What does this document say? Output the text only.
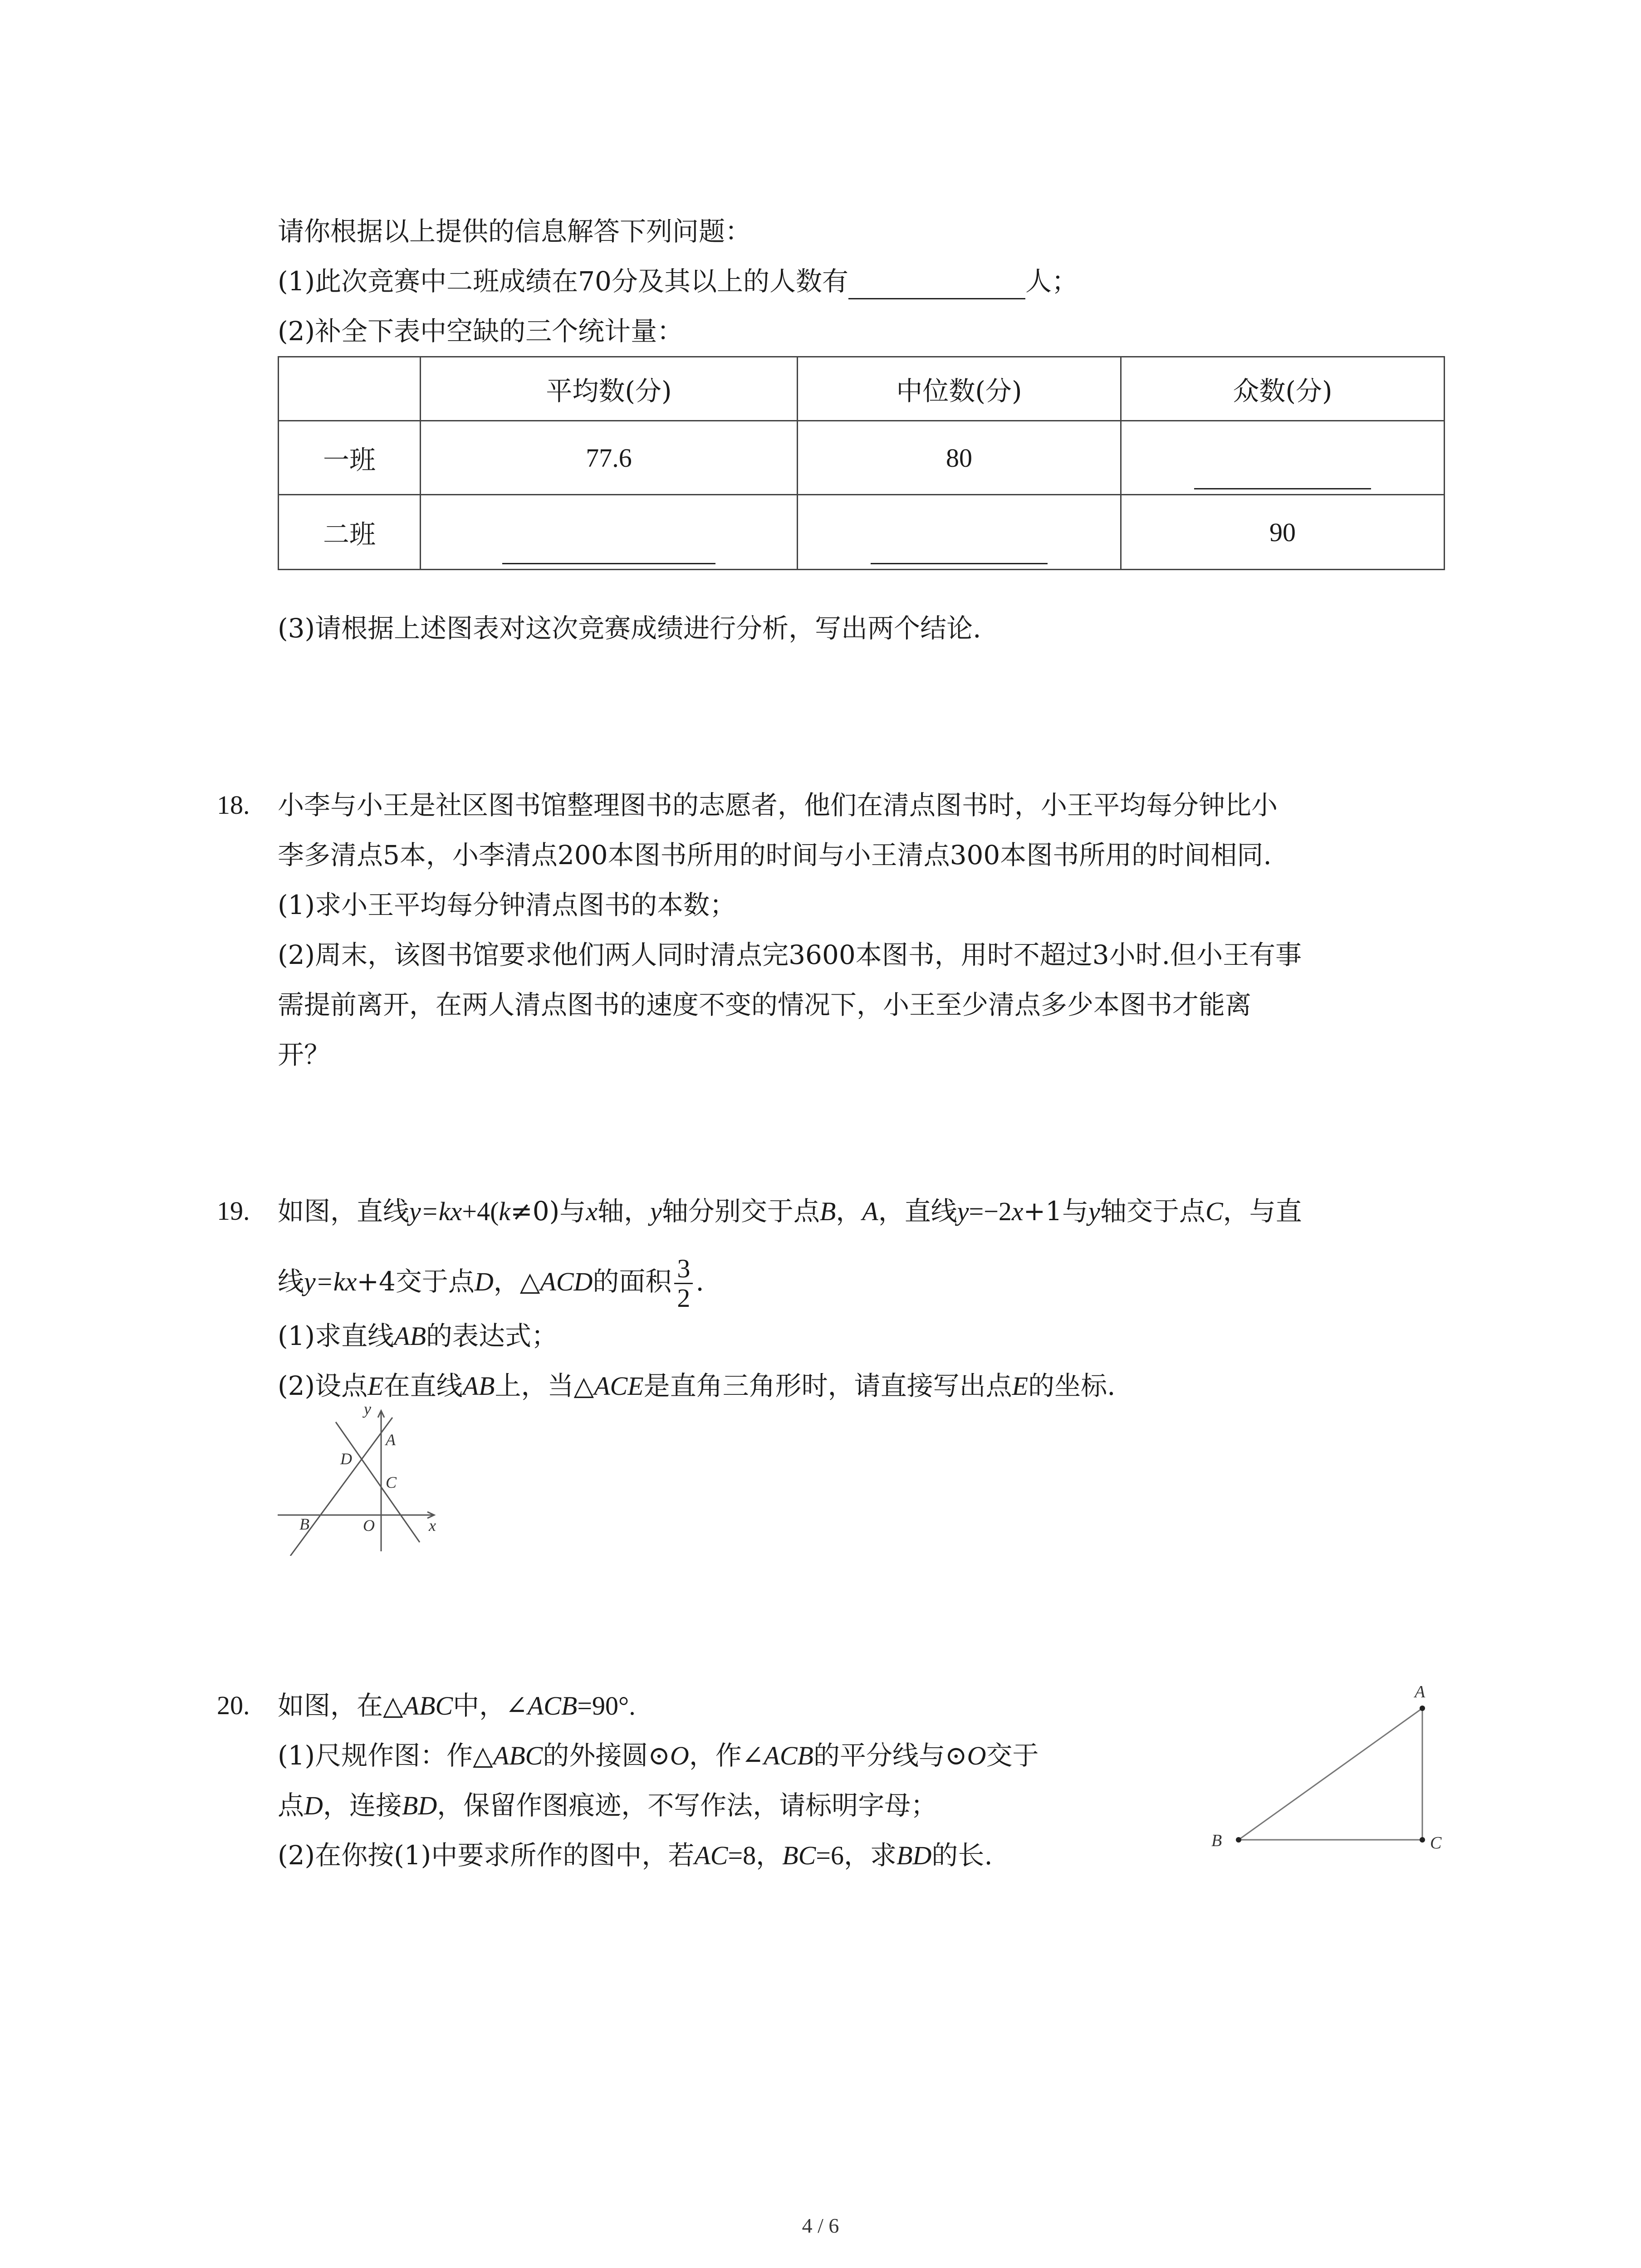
请你根据以上提供的信息解答下列问题：
(1)此次竞赛中二班成绩在70分及其以上的人数有	人；
(2)补全下表中空缺的三个统计量：
	平均数(分)	中位数(分)	众数(分)
一班	77.6	80	
二班			90
(3)请根据上述图表对这次竞赛成绩进行分析，写出两个结论.
18. 小李与小王是社区图书馆整理图书的志愿者，他们在清点图书时，小王平均每分钟比小
李多清点5本，小李清点200本图书所用的时间与小王清点300本图书所用的时间相同.
(1)求小王平均每分钟清点图书的本数；
(2)周末，该图书馆要求他们两人同时清点完3600本图书，用时不超过3小时.但小王有事
需提前离开，在两人清点图书的速度不变的情况下，小王至少清点多少本图书才能离
开？
19. 如图，直线y=kx+4(k≠0)与x轴，y轴分别交于点B，A，直线y=−2x+1与y轴交于点C，与直
线y=kx+4交于点D，△ACD的面积 $\frac{3}{2}$ .
(1)求直线AB的表达式；
(2)设点E在直线AB上，当△ACE是直角三角形时，请直接写出点E的坐标.
y
A
D
C
B	O	x
20. 如图，在△ABC中，∠ACB=90°.
(1)尺规作图：作△ABC的外接圆⊙O，作∠ACB的平分线与⊙O交于
点D，连接BD，保留作图痕迹，不写作法，请标明字母；
(2)在你按(1)中要求所作的图中，若AC=8，BC=6，求BD的长.
A
B	C
4 / 6
